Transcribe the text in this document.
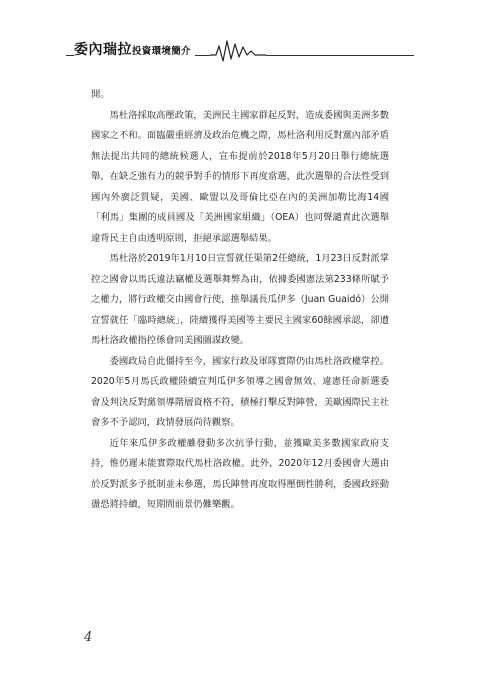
委內瑞拉投資環境簡介

開。

馬杜洛採取高壓政策，美洲民主國家群起反對，造成委國與美洲多數國家之不和。面臨嚴重經濟及政治危機之際，馬杜洛利用反對黨內部矛盾無法提出共同的總統候選人，宣布提前於2018年5月20日舉行總統選舉，在缺乏強有力的競爭對手的情形下再度當選，此次選舉的合法性受到國內外廣泛質疑，美國、歐盟以及哥倫比亞在內的美洲加勒比海14國「利馬」集團的成員國及「美洲國家組織」（OEA）也同聲譴責此次選舉違背民主自由透明原則，拒絕承認選舉結果。

馬杜洛於2019年1月10日宣誓就任渠第2任總統，1月23日反對派掌控之國會以馬氏違法竊權及選舉舞弊為由，依據委國憲法第233條所賦予之權力，將行政權交由國會行使，推舉議長瓜伊多（Juan Guaidó）公開宣誓就任「臨時總統」，陸續獲得美國等主要民主國家60餘國承認，卻遭馬杜洛政權指控係會同美國圖謀政變。

委國政局自此僵持至今，國家行政及軍隊實際仍由馬杜洛政權掌控。2020年5月馬氏政權陸續宣判瓜伊多領導之國會無效、違憲任命新選委會及判決反對黨領導階層資格不符，積極打擊反對陣營，美歐國際民主社會多不予認同，政情發展尚待觀察。

近年來瓜伊多政權雖發動多次抗爭行動，並獲歐美多數國家政府支持，惟仍遲未能實際取代馬杜洛政權。此外，2020年12月委國會大選由於反對派多予抵制並未參選，馬氏陣營再度取得壓倒性勝利，委國政經動盪恐將持續，短期間前景仍難樂觀。

4
